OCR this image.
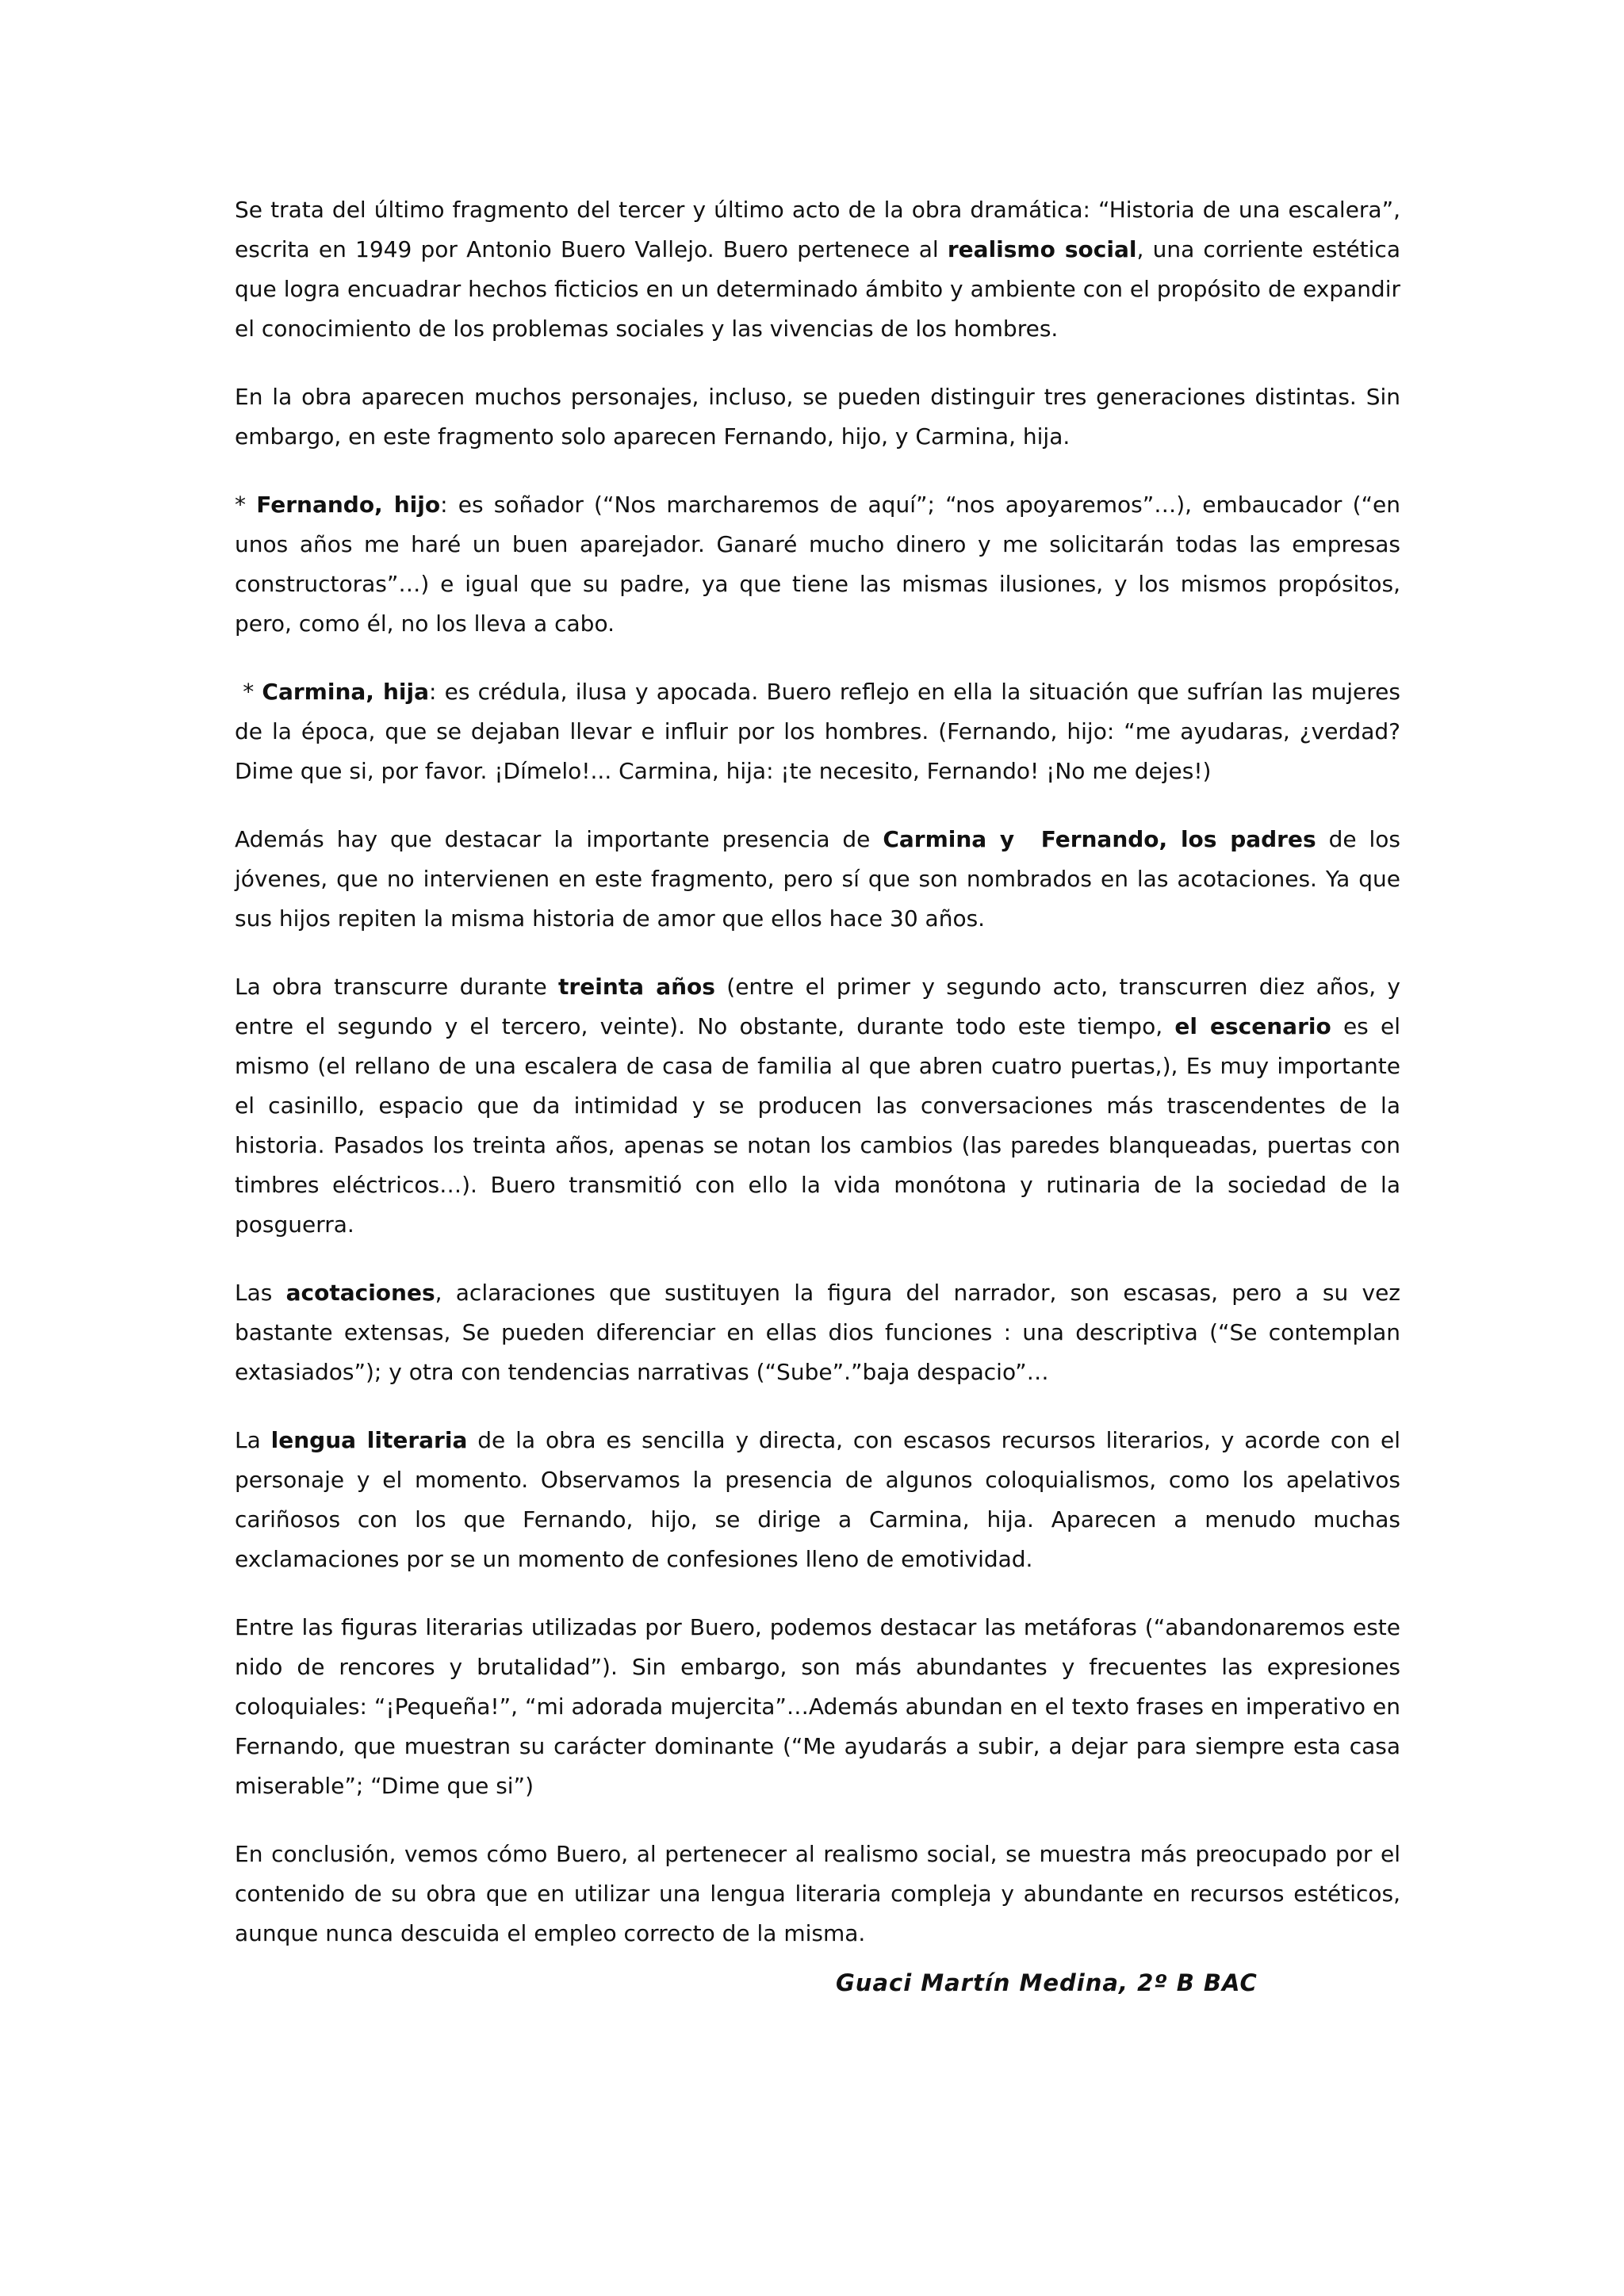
Se trata del último fragmento del tercer y último acto de la obra dramática: “Historia de una escalera”, escrita en 1949 por Antonio Buero Vallejo. Buero pertenece al realismo social, una corriente estética que logra encuadrar hechos ficticios en un determinado ámbito y ambiente con el propósito de expandir el conocimiento de los problemas sociales y las vivencias de los hombres.

En la obra aparecen muchos personajes, incluso, se pueden distinguir tres generaciones distintas. Sin embargo, en este fragmento solo aparecen Fernando, hijo, y Carmina, hija.

* Fernando, hijo: es soñador (“Nos marcharemos de aquí”; “nos apoyaremos”…), embaucador (“en unos años me haré un buen aparejador. Ganaré mucho dinero y me solicitarán todas las empresas constructoras”…) e igual que su padre, ya que tiene las mismas ilusiones, y los mismos propósitos, pero, como él, no los lleva a cabo.

* Carmina, hija: es crédula, ilusa y apocada. Buero reflejo en ella la situación que sufrían las mujeres de la época, que se dejaban llevar e influir por los hombres. (Fernando, hijo: “me ayudaras, ¿verdad? Dime que si, por favor. ¡Dímelo!... Carmina, hija: ¡te necesito, Fernando! ¡No me dejes!)

Además hay que destacar la importante presencia de Carmina y  Fernando, los padres de los jóvenes, que no intervienen en este fragmento, pero sí que son nombrados en las acotaciones. Ya que sus hijos repiten la misma historia de amor que ellos hace 30 años.

La obra transcurre durante treinta años (entre el primer y segundo acto, transcurren diez años, y entre el segundo y el tercero, veinte). No obstante, durante todo este tiempo, el escenario es el mismo (el rellano de una escalera de casa de familia al que abren cuatro puertas,), Es muy importante el casinillo, espacio que da intimidad y se producen las conversaciones más trascendentes de la historia. Pasados los treinta años, apenas se notan los cambios (las paredes blanqueadas, puertas con timbres eléctricos…). Buero transmitió con ello la vida monótona y rutinaria de la sociedad de la posguerra.

Las acotaciones, aclaraciones que sustituyen la figura del narrador, son escasas, pero a su vez bastante extensas, Se pueden diferenciar en ellas dios funciones : una descriptiva (“Se contemplan extasiados”); y otra con tendencias narrativas (“Sube”.”baja despacio”…

La lengua literaria de la obra es sencilla y directa, con escasos recursos literarios, y acorde con el personaje y el momento. Observamos la presencia de algunos coloquialismos, como los apelativos cariñosos con los que Fernando, hijo, se dirige a Carmina, hija. Aparecen a menudo muchas exclamaciones por se un momento de confesiones lleno de emotividad.

Entre las figuras literarias utilizadas por Buero, podemos destacar las metáforas (“abandonaremos este nido de rencores y brutalidad”). Sin embargo, son más abundantes y frecuentes las expresiones coloquiales: “¡Pequeña!”, “mi adorada mujercita”…Además abundan en el texto frases en imperativo en Fernando, que muestran su carácter dominante (“Me ayudarás a subir, a dejar para siempre esta casa miserable”; “Dime que si”)

En conclusión, vemos cómo Buero, al pertenecer al realismo social, se muestra más preocupado por el contenido de su obra que en utilizar una lengua literaria compleja y abundante en recursos estéticos, aunque nunca descuida el empleo correcto de la misma.

Guaci Martín Medina, 2º B BAC
